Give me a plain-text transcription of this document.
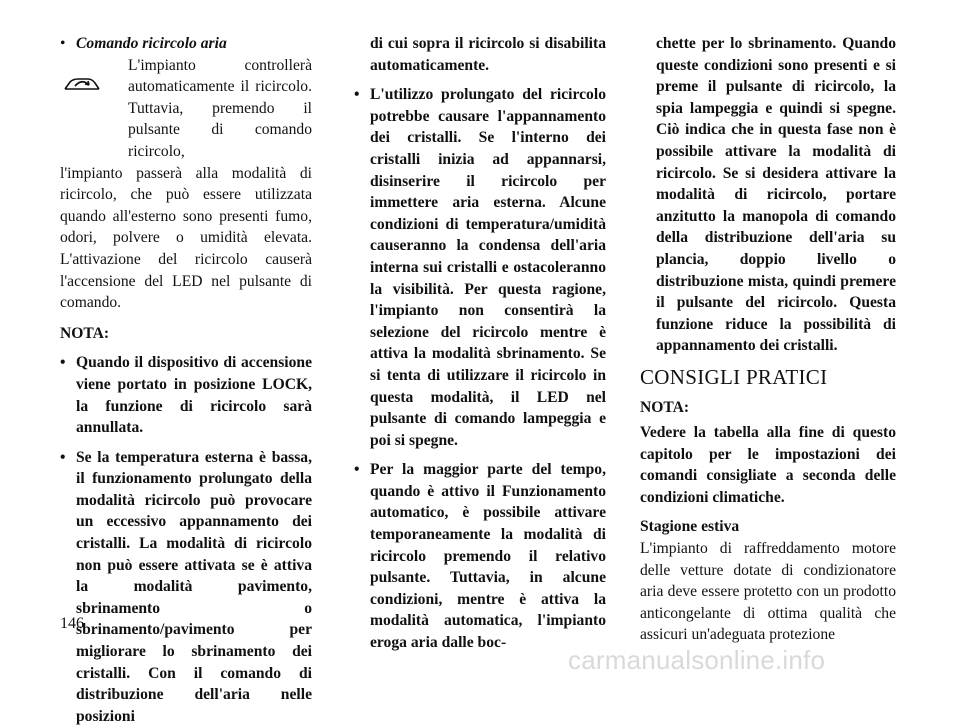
• Comando ricircolo aria

L'impianto controllerà automaticamente il ricircolo. Tuttavia, premendo il pulsante di comando ricircolo,

l'impianto passerà alla modalità di ricircolo, che può essere utilizzata quando all'esterno sono presenti fumo, odori, polvere o umidità elevata. L'attivazione del ricircolo causerà l'accensione del LED nel pulsante di comando.

NOTA:

• Quando il dispositivo di accensione viene portato in posizione LOCK, la funzione di ricircolo sarà annullata.

• Se la temperatura esterna è bassa, il funzionamento prolungato della modalità ricircolo può provocare un eccessivo appannamento dei cristalli. La modalità di ricircolo non può essere attivata se è attiva la modalità pavimento, sbrinamento o sbrinamento/pavimento per migliorare lo sbrinamento dei cristalli. Con il comando di distribuzione dell'aria nelle posizioni

di cui sopra il ricircolo si disabilita automaticamente.

• L'utilizzo prolungato del ricircolo potrebbe causare l'appannamento dei cristalli. Se l'interno dei cristalli inizia ad appannarsi, disinserire il ricircolo per immettere aria esterna. Alcune condizioni di temperatura/umidità causeranno la condensa dell'aria interna sui cristalli e ostacoleranno la visibilità. Per questa ragione, l'impianto non consentirà la selezione del ricircolo mentre è attiva la modalità sbrinamento. Se si tenta di utilizzare il ricircolo in questa modalità, il LED nel pulsante di comando lampeggia e poi si spegne.

• Per la maggior parte del tempo, quando è attivo il Funzionamento automatico, è possibile attivare temporaneamente la modalità di ricircolo premendo il relativo pulsante. Tuttavia, in alcune condizioni, mentre è attiva la modalità automatica, l'impianto eroga aria dalle boc-

chette per lo sbrinamento. Quando queste condizioni sono presenti e si preme il pulsante di ricircolo, la spia lampeggia e quindi si spegne. Ciò indica che in questa fase non è possibile attivare la modalità di ricircolo. Se si desidera attivare la modalità di ricircolo, portare anzitutto la manopola di comando della distribuzione dell'aria su plancia, doppio livello o distribuzione mista, quindi premere il pulsante del ricircolo. Questa funzione riduce la possibilità di appannamento dei cristalli.

CONSIGLI PRATICI

NOTA:

Vedere la tabella alla fine di questo capitolo per le impostazioni dei comandi consigliate a seconda delle condizioni climatiche.

Stagione estiva

L'impianto di raffreddamento motore delle vetture dotate di condizionatore aria deve essere protetto con un prodotto anticongelante di ottima qualità che assicuri un'adeguata protezione

146
carmanualsonline.info
